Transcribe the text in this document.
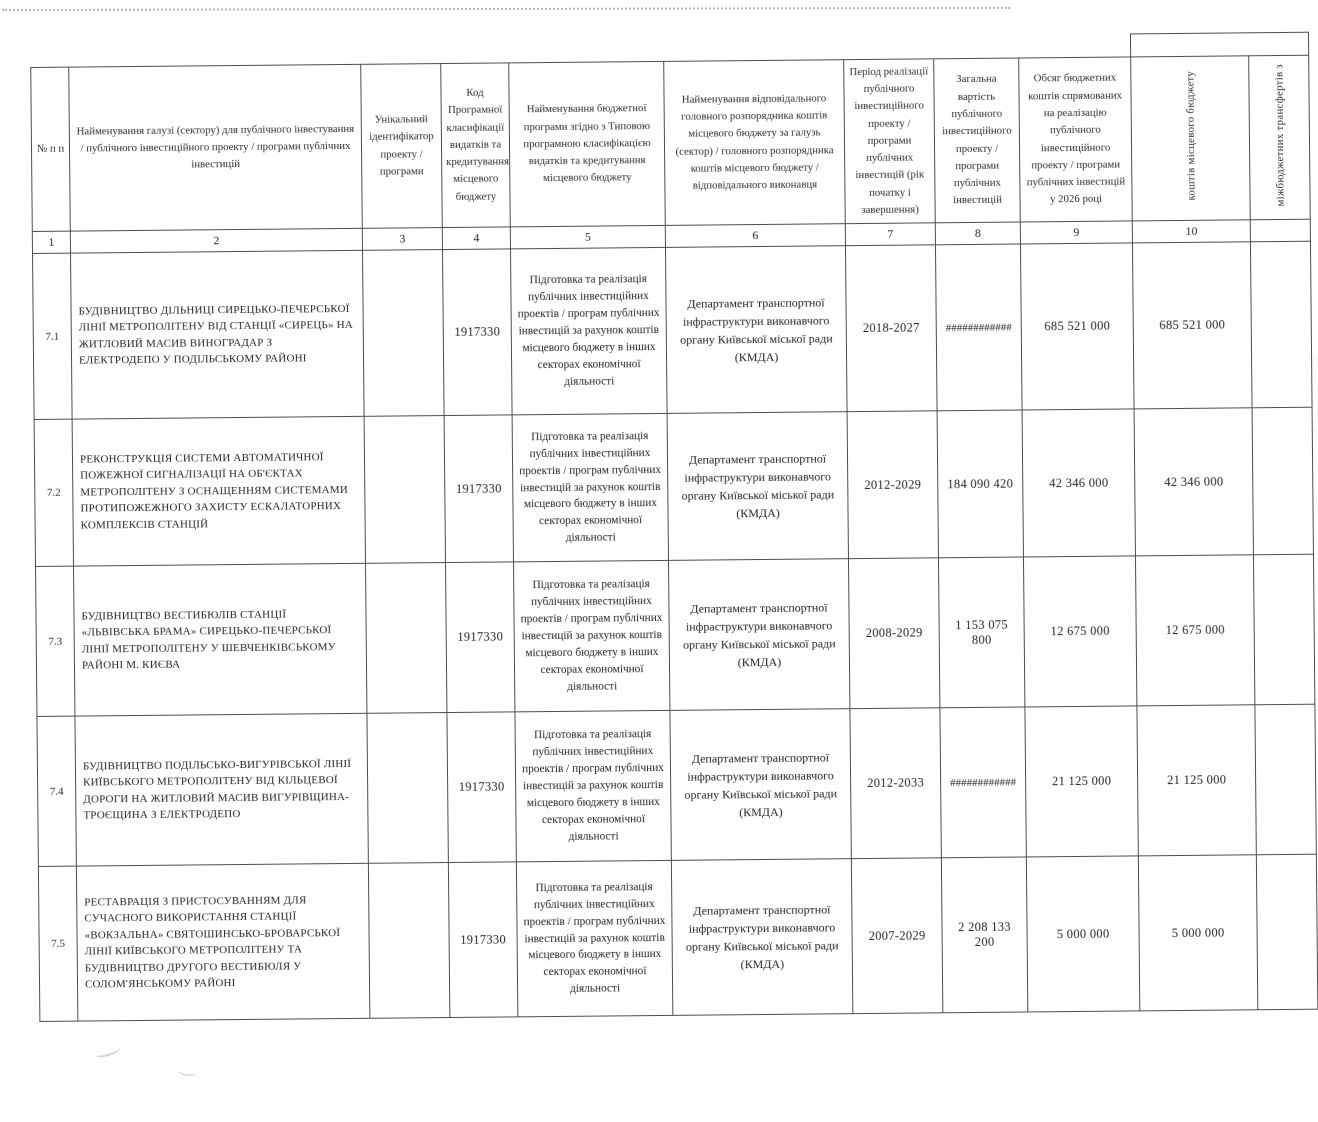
№ п п	Найменування галузі (сектору) для публічного інвестування / публічного інвестиційного проекту / програми публічних інвестицій	Унікальний ідентифікатор проекту / програми	Код Програмної класифікації видатків та кредитування місцевого бюджету	Найменування бюджетної програми згідно з Типовою програмною класифікацією видатків та кредитування місцевого бюджету	Найменування відповідального головного розпорядника коштів місцевого бюджету за галузь (сектор) / головного розпорядника коштів місцевого бюджету / відповідального виконавця	Період реалізації публічного інвестиційного проекту / програми публічних інвестицій (рік початку і завершення)	Загальна вартість публічного інвестиційного проекту / програми публічних інвестицій	Обсяг бюджетних коштів спрямованих на реалізацію публічного інвестиційного проекту / програми публічних інвестицій у 2026 році	коштів місцевого бюджету	міжбюджетних трансфертів з
1	2	3	4	5	6	7	8	9	10	
7.1	БУДІВНИЦТВО ДІЛЬНИЦІ СИРЕЦЬКО-ПЕЧЕРСЬКОЇ ЛІНІЇ МЕТРОПОЛІТЕНУ ВІД СТАНЦІЇ «СИРЕЦЬ» НА ЖИТЛОВИЙ МАСИВ ВИНОГРАДАР З ЕЛЕКТРОДЕПО У ПОДІЛЬСЬКОМУ РАЙОНІ		1917330	Підготовка та реалізація публічних інвестиційних проектів / програм публічних інвестицій за рахунок коштів місцевого бюджету в інших секторах економічної діяльності	Департамент транспортної інфраструктури виконавчого органу Київської міської ради (КМДА)	2018-2027	############	685 521 000	685 521 000	
7.2	РЕКОНСТРУКЦІЯ СИСТЕМИ АВТОМАТИЧНОЇ ПОЖЕЖНОЇ СИГНАЛІЗАЦІЇ НА ОБ'ЄКТАХ МЕТРОПОЛІТЕНУ З ОСНАЩЕННЯМ СИСТЕМАМИ ПРОТИПОЖЕЖНОГО ЗАХИСТУ ЕСКАЛАТОРНИХ КОМПЛЕКСІВ СТАНЦІЙ		1917330	Підготовка та реалізація публічних інвестиційних проектів / програм публічних інвестицій за рахунок коштів місцевого бюджету в інших секторах економічної діяльності	Департамент транспортної інфраструктури виконавчого органу Київської міської ради (КМДА)	2012-2029	184 090 420	42 346 000	42 346 000	
7.3	БУДІВНИЦТВО ВЕСТИБЮЛІВ СТАНЦІЇ «ЛЬВІВСЬКА БРАМА» СИРЕЦЬКО-ПЕЧЕРСЬКОЇ ЛІНІЇ МЕТРОПОЛІТЕНУ У ШЕВЧЕНКІВСЬКОМУ РАЙОНІ М. КИЄВА		1917330	Підготовка та реалізація публічних інвестиційних проектів / програм публічних інвестицій за рахунок коштів місцевого бюджету в інших секторах економічної діяльності	Департамент транспортної інфраструктури виконавчого органу Київської міської ради (КМДА)	2008-2029	1 153 075 800	12 675 000	12 675 000	
7.4	БУДІВНИЦТВО ПОДІЛЬСЬКО-ВИГУРІВСЬКОЇ ЛІНІЇ КИЇВСЬКОГО МЕТРОПОЛІТЕНУ ВІД КІЛЬЦЕВОЇ ДОРОГИ НА ЖИТЛОВИЙ МАСИВ ВИГУРІВЩИНА-ТРОЄЩИНА З ЕЛЕКТРОДЕПО		1917330	Підготовка та реалізація публічних інвестиційних проектів / програм публічних інвестицій за рахунок коштів місцевого бюджету в інших секторах економічної діяльності	Департамент транспортної інфраструктури виконавчого органу Київської міської ради (КМДА)	2012-2033	############	21 125 000	21 125 000	
7.5	РЕСТАВРАЦІЯ З ПРИСТОСУВАННЯМ ДЛЯ СУЧАСНОГО ВИКОРИСТАННЯ СТАНЦІЇ «ВОКЗАЛЬНА» СВЯТОШИНСЬКО-БРОВАРСЬКОЇ ЛІНІЇ КИЇВСЬКОГО МЕТРОПОЛІТЕНУ ТА БУДІВНИЦТВО ДРУГОГО ВЕСТИБЮЛЯ У СОЛОМ'ЯНСЬКОМУ РАЙОНІ		1917330	Підготовка та реалізація публічних інвестиційних проектів / програм публічних інвестицій за рахунок коштів місцевого бюджету в інших секторах економічної діяльності	Департамент транспортної інфраструктури виконавчого органу Київської міської ради (КМДА)	2007-2029	2 208 133 200	5 000 000	5 000 000	
